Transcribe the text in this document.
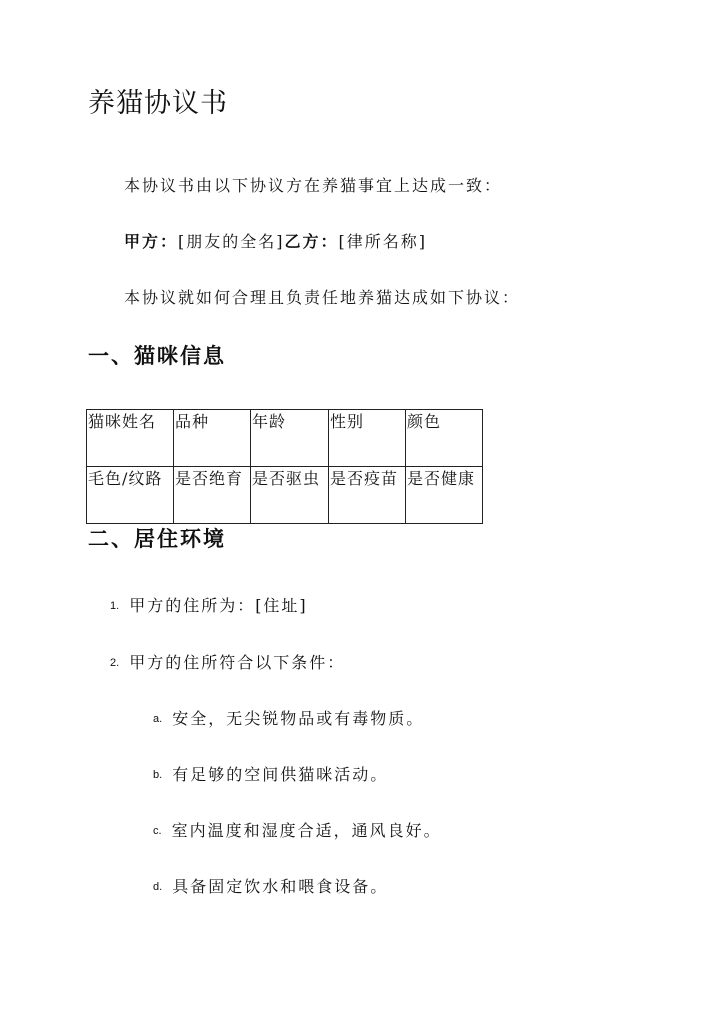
养猫协议书

本协议书由以下协议方在养猫事宜上达成一致：

甲方：[朋友的全名]乙方：[律所名称]

本协议就如何合理且负责任地养猫达成如下协议：

一、猫咪信息
猫咪姓名	品种	年龄	性别	颜色
毛色/纹路	是否绝育	是否驱虫	是否疫苗	是否健康
二、居住环境
1. 甲方的住所为：[住址]
2. 甲方的住所符合以下条件：
a. 安全，无尖锐物品或有毒物质。
b. 有足够的空间供猫咪活动。
c. 室内温度和湿度合适，通风良好。
d. 具备固定饮水和喂食设备。
